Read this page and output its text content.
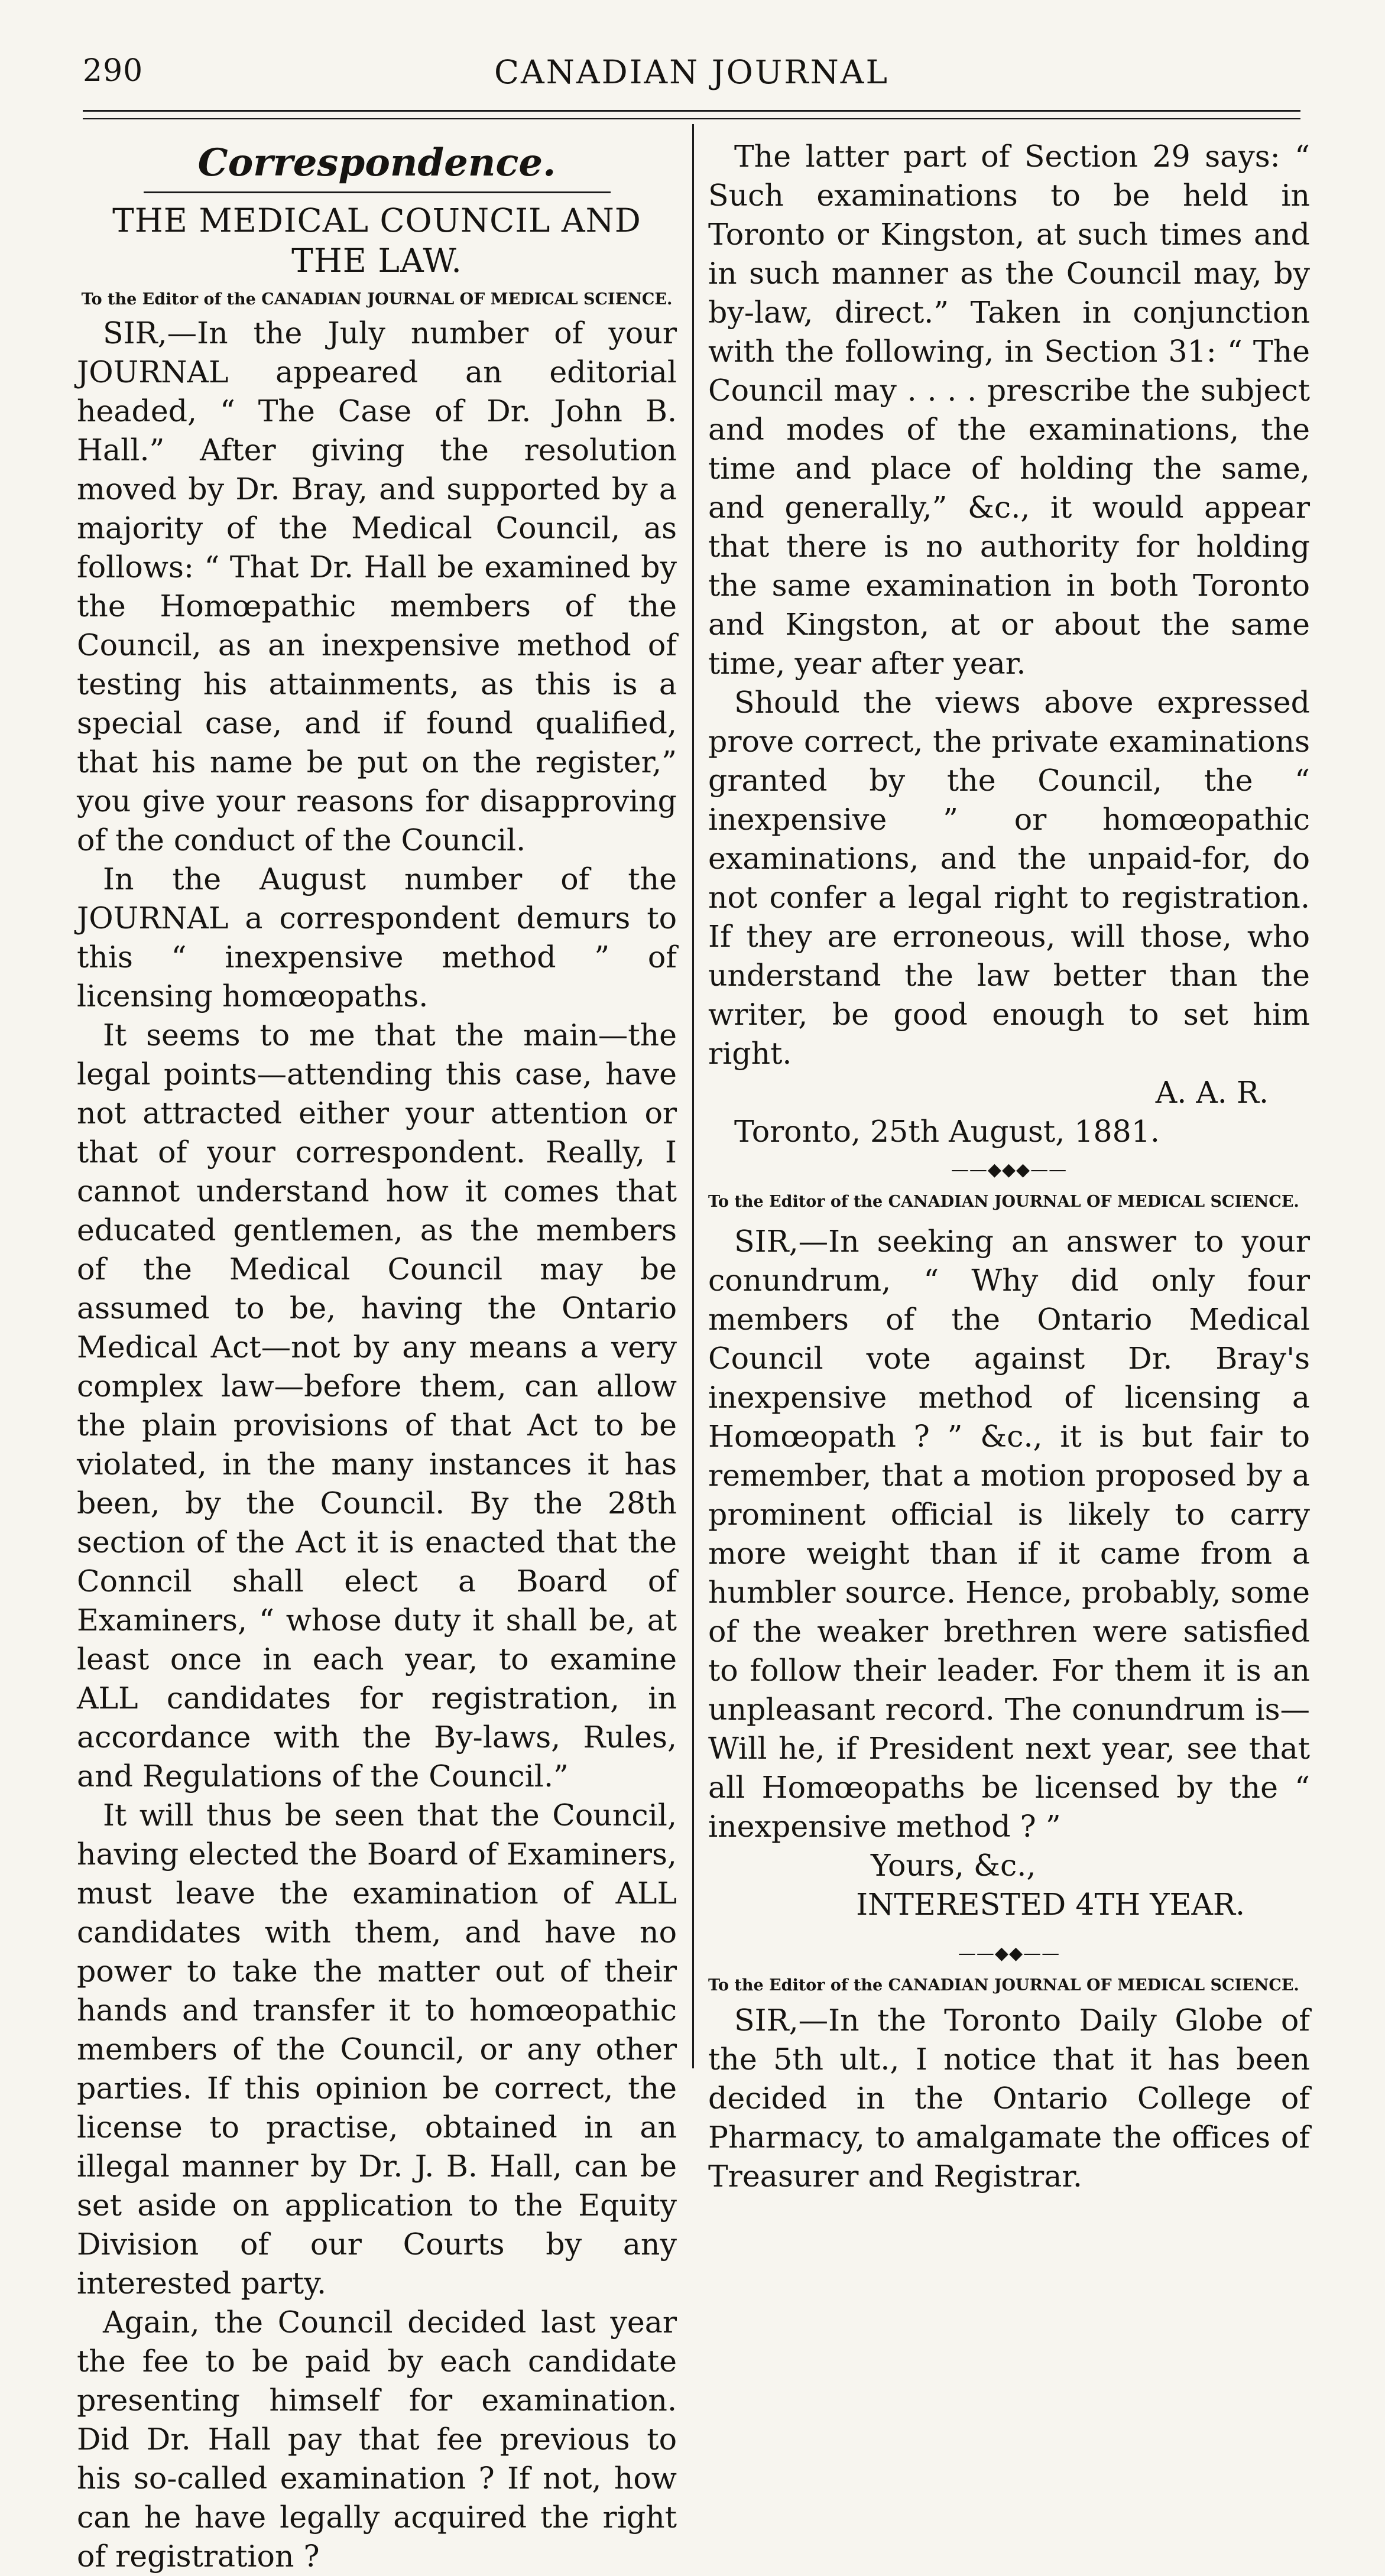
290	CANADIAN JOURNAL
Correspondence.
THE MEDICAL COUNCIL AND THE LAW.
To the Editor of the CANADIAN JOURNAL OF MEDICAL SCIENCE.

SIR,—In the July number of your JOURNAL appeared an editorial headed, “ The Case of Dr. John B. Hall.” After giving the resolution moved by Dr. Bray, and supported by a majority of the Medical Council, as follows: “ That Dr. Hall be examined by the Homœpathic members of the Council, as an inexpensive method of testing his attainments, as this is a special case, and if found qualified, that his name be put on the register,” you give your reasons for disapproving of the conduct of the Council.

In the August number of the JOURNAL a correspondent demurs to this “ inexpensive method ” of licensing homœopaths.

It seems to me that the main—the legal points—attending this case, have not attracted either your attention or that of your correspondent. Really, I cannot understand how it comes that educated gentlemen, as the members of the Medical Council may be assumed to be, having the Ontario Medical Act—not by any means a very complex law—before them, can allow the plain provisions of that Act to be violated, in the many instances it has been, by the Council. By the 28th section of the Act it is enacted that the Conncil shall elect a Board of Examiners, “ whose duty it shall be, at least once in each year, to examine ALL candidates for registration, in accordance with the By-laws, Rules, and Regulations of the Council.”

It will thus be seen that the Council, having elected the Board of Examiners, must leave the examination of ALL candidates with them, and have no power to take the matter out of their hands and transfer it to homœopathic members of the Council, or any other parties. If this opinion be correct, the license to practise, obtained in an illegal manner by Dr. J. B. Hall, can be set aside on application to the Equity Division of our Courts by any interested party.

Again, the Council decided last year the fee to be paid by each candidate presenting himself for examination. Did Dr. Hall pay that fee previous to his so-called examination ? If not, how can he have legally acquired the right of registration ?

The latter part of Section 29 says: “ Such examinations to be held in Toronto or Kingston, at such times and in such manner as the Council may, by by-law, direct.” Taken in conjunction with the following, in Section 31: “ The Council may . . . . prescribe the subject and modes of the examinations, the time and place of holding the same, and generally,” &c., it would appear that there is no authority for holding the same examination in both Toronto and Kingston, at or about the same time, year after year.

Should the views above expressed prove correct, the private examinations granted by the Council, the “ inexpensive ” or homœopathic examinations, and the unpaid-for, do not confer a legal right to registration. If they are erroneous, will those, who understand the law better than the writer, be good enough to set him right.

A. A. R.

Toronto, 25th August, 1881.

——◆◆◆——
To the Editor of the CANADIAN JOURNAL OF MEDICAL SCIENCE.

SIR,—In seeking an answer to your conundrum, “ Why did only four members of the Ontario Medical Council vote against Dr. Bray's inexpensive method of licensing a Homœopath ? ” &c., it is but fair to remember, that a motion proposed by a prominent official is likely to carry more weight than if it came from a humbler source. Hence, probably, some of the weaker brethren were satisfied to follow their leader. For them it is an unpleasant record. The conundrum is—Will he, if President next year, see that all Homœopaths be licensed by the “ inexpensive method ? ”

Yours, &c.,

INTERESTED 4TH YEAR.

——◆◆——
To the Editor of the CANADIAN JOURNAL OF MEDICAL SCIENCE.

SIR,—In the Toronto Daily Globe of the 5th ult., I notice that it has been decided in the Ontario College of Pharmacy, to amalgamate the offices of Treasurer and Registrar.
